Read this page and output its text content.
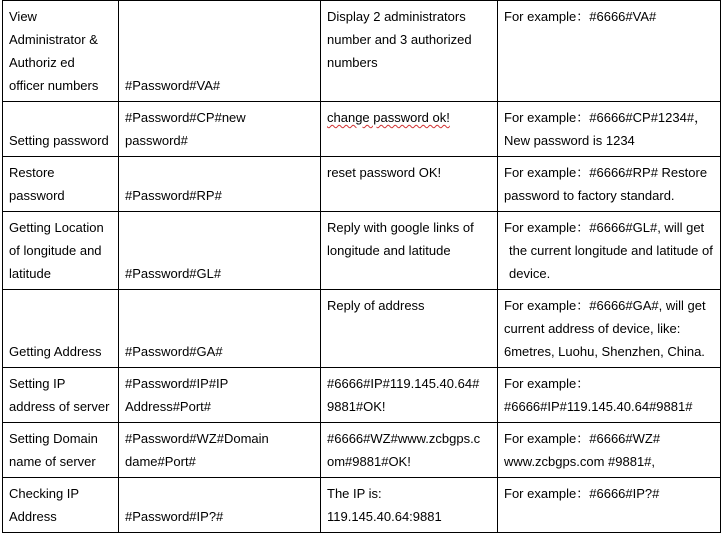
View
Administrator &
Authoriz ed
officer numbers	#Password#VA#	Display 2 administrators
number and 3 authorized
numbers	For example：#6666#VA#

Setting password	#Password#CP#new
password#	change password ok!	For example：#6666#CP#1234#，
New password is 1234

Restore
password	#Password#RP#	reset password OK!	For example：#6666#RP# Restore
password to factory standard.

Getting Location
of longitude and
latitude	#Password#GL#	Reply with google links of
longitude and latitude	For example：#6666#GL#, will get
the current longitude and latitude of
device.

Getting Address	#Password#GA#	Reply of address	For example：#6666#GA#, will get
current address of device, like:
6metres, Luohu, Shenzhen, China.

Setting IP
address of server	#Password#IP#IP
Address#Port#	#6666#IP#119.145.40.64#
9881#OK!	For example：
#6666#IP#119.145.40.64#9881#

Setting Domain
name of server	#Password#WZ#Domain
dame#Port#	#6666#WZ#www.zcbgps.c
om#9881#OK!	For example：#6666#WZ#
www.zcbgps.com #9881#,

Checking IP
Address	#Password#IP?#	The IP is:
119.145.40.64:9881	For example：#6666#IP?#
